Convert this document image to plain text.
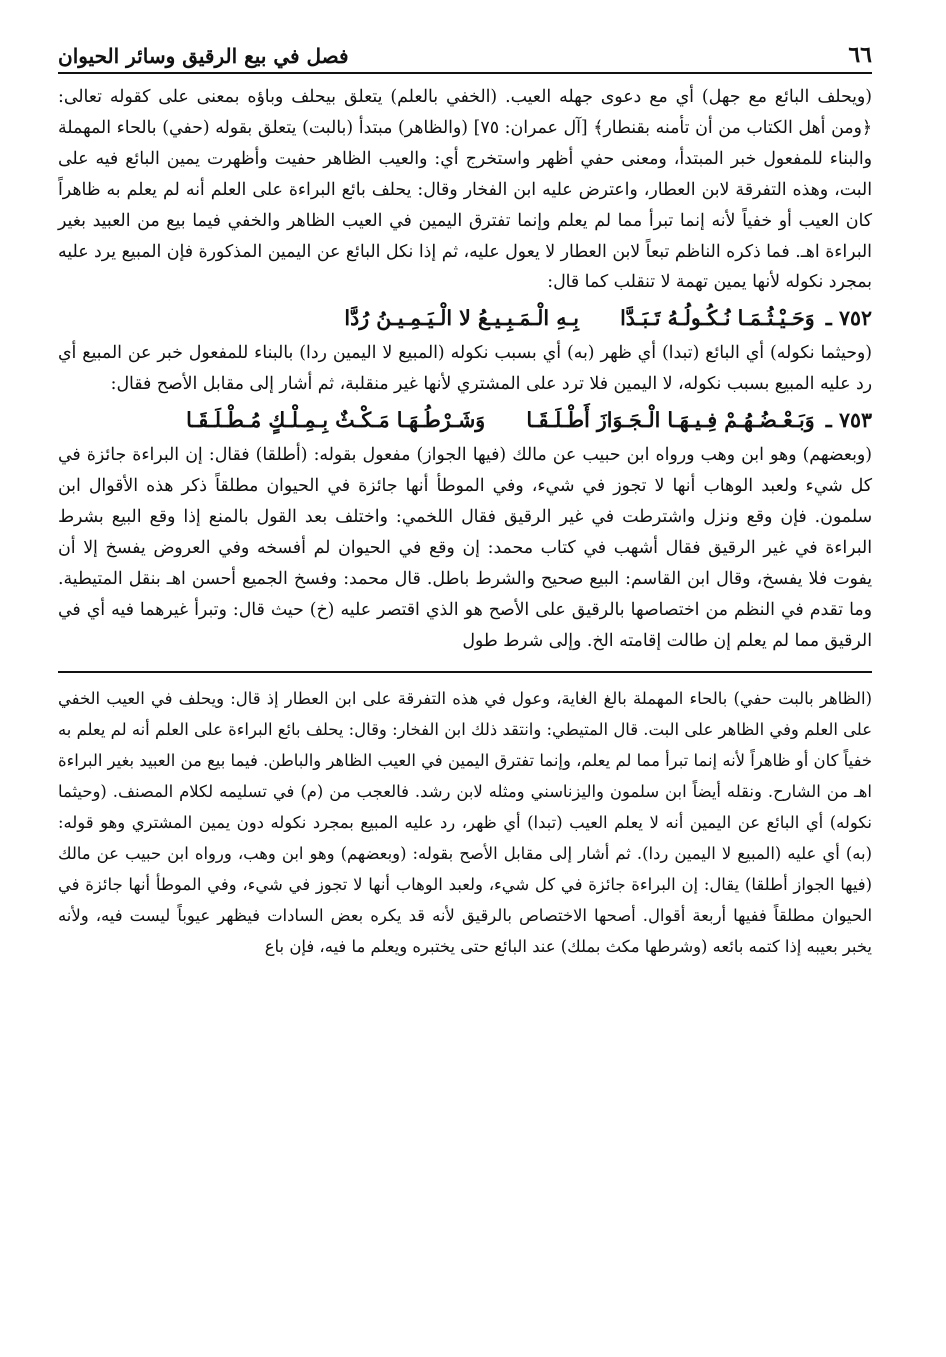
٦٦
فصل في بيع الرقيق وسائر الحيوان

(ويحلف البائع مع جهل) أي مع دعوى جهله العيب. (الخفي بالعلم) يتعلق بيحلف وباؤه بمعنى على كقوله تعالى: ﴿ومن أهل الكتاب من أن تأمنه بقنطار﴾ [آل عمران: ٧٥] (والظاهر) مبتدأ (بالبت) يتعلق بقوله (حفي) بالحاء المهملة والبناء للمفعول خبر المبتدأ، ومعنى حفي أظهر واستخرج أي: والعيب الظاهر حفيت وأظهرت يمين البائع فيه على البت، وهذه التفرقة لابن العطار، واعترض عليه ابن الفخار وقال: يحلف بائع البراءة على العلم أنه لم يعلم به ظاهراً كان العيب أو خفياً لأنه إنما تبرأ مما لم يعلم وإنما تفترق اليمين في العيب الظاهر والخفي فيما بيع من العبيد بغير البراءة اهـ. فما ذكره الناظم تبعاً لابن العطار لا يعول عليه، ثم إذا نكل البائع عن اليمين المذكورة فإن المبيع يرد عليه بمجرد نكوله لأنها يمين تهمة لا تنقلب كما قال:

٧٥٢ ـ وَحَـيْـثُـمَـا نُـكُـولُـهُ تَـبَـدَّا بِـهِ الْـمَـبِـيـعُ لا الْـيَـمِـيـنُ رُدَّا

(وحيثما نكوله) أي البائع (تبدا) أي ظهر (به) أي بسبب نكوله (المبيع لا اليمين ردا) بالبناء للمفعول خبر عن المبيع أي رد عليه المبيع بسبب نكوله، لا اليمين فلا ترد على المشتري لأنها غير منقلبة، ثم أشار إلى مقابل الأصح فقال:

٧٥٣ ـ وَبَـعْـضُـهُـمْ فِـيـهَـا الْـجَـوَازَ أَطْـلَـقَـا وَشَـرْطُـهَـا مَـكْـثٌ بِـمِـلْـكٍ مُـطْـلَـقَـا

(وبعضهم) وهو ابن وهب ورواه ابن حبيب عن مالك (فيها الجواز) مفعول بقوله: (أطلقا) فقال: إن البراءة جائزة في كل شيء ولعبد الوهاب أنها لا تجوز في شيء، وفي الموطأ أنها جائزة في الحيوان مطلقاً ذكر هذه الأقوال ابن سلمون. فإن وقع ونزل واشترطت في غير الرقيق فقال اللخمي: واختلف بعد القول بالمنع إذا وقع البيع بشرط البراءة في غير الرقيق فقال أشهب في كتاب محمد: إن وقع في الحيوان لم أفسخه وفي العروض يفسخ إلا أن يفوت فلا يفسخ، وقال ابن القاسم: البيع صحيح والشرط باطل. قال محمد: وفسخ الجميع أحسن اهـ بنقل المتيطية. وما تقدم في النظم من اختصاصها بالرقيق على الأصح هو الذي اقتصر عليه (خ) حيث قال: وتبرأ غيرهما فيه أي في الرقيق مما لم يعلم إن طالت إقامته الخ. وإلى شرط طول

(الظاهر بالبت حفي) بالحاء المهملة بالغ الغاية، وعول في هذه التفرقة على ابن العطار إذ قال: ويحلف في العيب الخفي على العلم وفي الظاهر على البت. قال المتيطي: وانتقد ذلك ابن الفخار: وقال: يحلف بائع البراءة على العلم أنه لم يعلم به خفياً كان أو ظاهراً لأنه إنما تبرأ مما لم يعلم، وإنما تفترق اليمين في العيب الظاهر والباطن. فيما بيع من العبيد بغير البراءة اهـ من الشارح. ونقله أيضاً ابن سلمون واليزناسني ومثله لابن رشد. فالعجب من (م) في تسليمه لكلام المصنف. (وحيثما نكوله) أي البائع عن اليمين أنه لا يعلم العيب (تبدا) أي ظهر، رد عليه المبيع بمجرد نكوله دون يمين المشتري وهو قوله: (به) أي عليه (المبيع لا اليمين ردا). ثم أشار إلى مقابل الأصح بقوله: (وبعضهم) وهو ابن وهب، ورواه ابن حبيب عن مالك (فيها الجواز أطلقا) يقال: إن البراءة جائزة في كل شيء، ولعبد الوهاب أنها لا تجوز في شيء، وفي الموطأ أنها جائزة في الحيوان مطلقاً ففيها أربعة أقوال. أصحها الاختصاص بالرقيق لأنه قد يكره بعض السادات فيظهر عيوباً ليست فيه، ولأنه يخبر بعيبه إذا كتمه بائعه (وشرطها مكث بملك) عند البائع حتى يختبره ويعلم ما فيه، فإن باع
